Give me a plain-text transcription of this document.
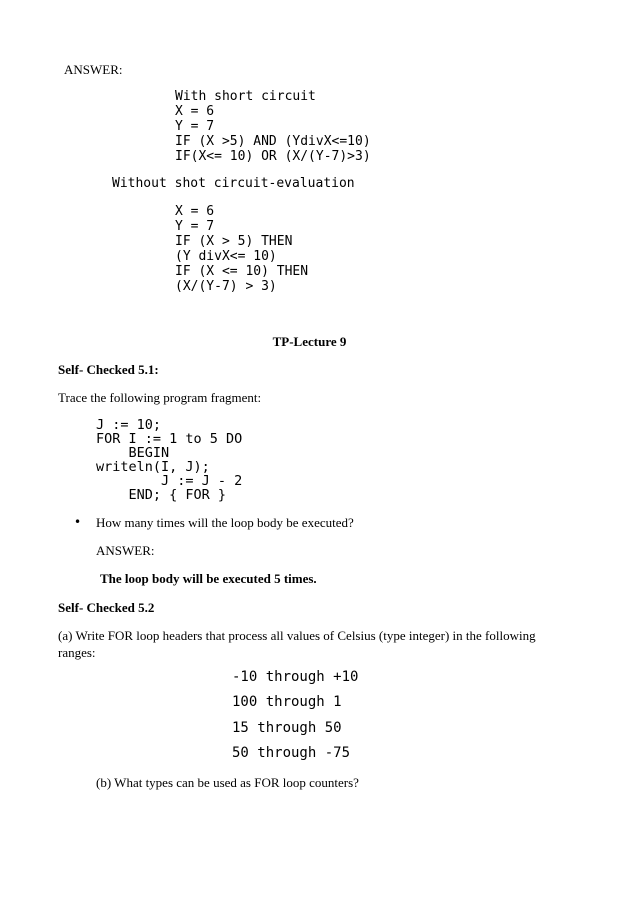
ANSWER:
With short circuit
X = 6
Y = 7
IF (X >5) AND (YdivX<=10)
IF(X<= 10) OR (X/(Y-7)>3)
Without shot circuit-evaluation
X = 6
Y = 7
IF (X > 5) THEN
(Y divX<= 10)
IF (X <= 10) THEN
(X/(Y-7) > 3)
TP-Lecture 9
Self- Checked 5.1:
Trace the following program fragment:
J := 10;
FOR I := 1 to 5 DO
BEGIN
writeln(I, J);
J := J - 2
END; { FOR }
• How many times will the loop body be executed?
ANSWER:
The loop body will be executed 5 times.
Self- Checked 5.2
(a) Write FOR loop headers that process all values of Celsius (type integer) in the following
ranges:
-10 through +10
100 through 1
15 through 50
50 through -75
(b) What types can be used as FOR loop counters?
